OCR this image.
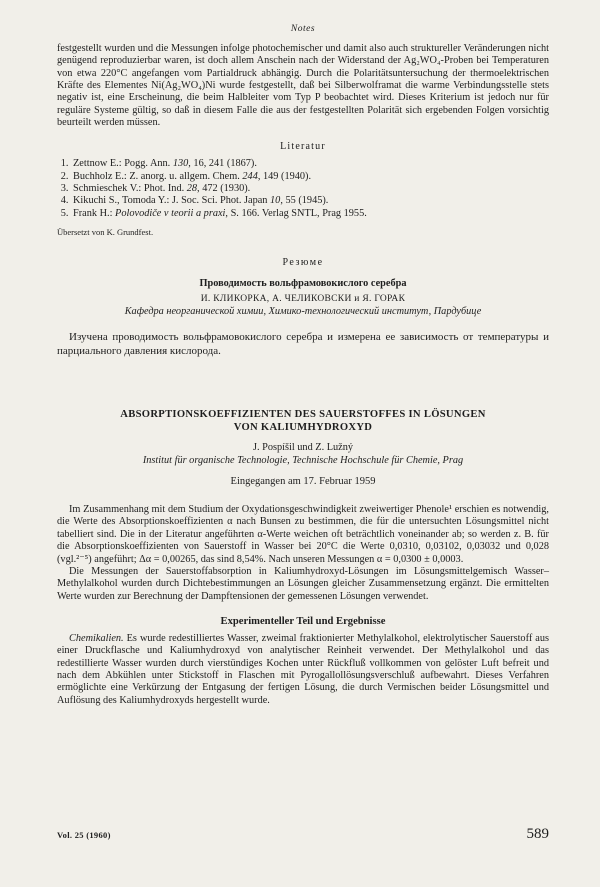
Notes

festgestellt wurden und die Messungen infolge photochemischer und damit also auch struktureller Veränderungen nicht genügend reproduzierbar waren, ist doch allem Anschein nach der Widerstand der Ag₂WO₄-Proben bei Temperaturen von etwa 220°C angefangen vom Partialdruck abhängig. Durch die Polaritätsuntersuchung der thermoelektrischen Kräfte des Elementes Ni(Ag₂WO₄)Ni wurde festgestellt, daß bei Silberwolframat die warme Verbindungsstelle stets negativ ist, eine Erscheinung, die beim Halbleiter vom Typ P beobachtet wird. Dieses Kriterium ist jedoch nur für reguläre Systeme gültig, so daß in diesem Falle die aus der festgestellten Polarität sich ergebenden Folgen vorsichtig beurteilt werden müssen.

Literatur
1. Zettnow E.: Pogg. Ann. 130, 16, 241 (1867).
2. Buchholz E.: Z. anorg. u. allgem. Chem. 244, 149 (1940).
3. Schmieschek V.: Phot. Ind. 28, 472 (1930).
4. Kikuchi S., Tomoda Y.: J. Soc. Sci. Phot. Japan 10, 55 (1945).
5. Frank H.: Polovodiče v teorii a praxi, S. 166. Verlag SNTL, Prag 1955.
Übersetzt von K. Grundfest.
Резюме
Проводимость вольфрамовокислого серебра
И. КЛИКОРКА, А. ЧЕЛИКОВСКИ и Я. ГОРАК
Кафедра неорганической химии, Химико-технологический институт, Пардубице

Изучена проводимость вольфрамовокислого серебра и измерена ее зависимость от температуры и парциального давления кислорода.

ABSORPTIONSKOEFFIZIENTEN DES SAUERSTOFFES IN LÖSUNGEN
VON KALIUMHYDROXYD
J. Pospíšil und Z. Lužný
Institut für organische Technologie, Technische Hochschule für Chemie, Prag
Eingegangen am 17. Februar 1959

Im Zusammenhang mit dem Studium der Oxydationsgeschwindigkeit zweiwertiger Phenole¹ erschien es notwendig, die Werte des Absorptionskoeffizienten α nach Bunsen zu bestimmen, die für die untersuchten Lösungsmittel nicht tabelliert sind. Die in der Literatur angeführten α-Werte weichen oft beträchtlich voneinander ab; so werden z. B. für die Absorptionskoeffizienten von Sauerstoff in Wasser bei 20°C die Werte 0,0310, 0,03102, 0,03032 und 0,028 (vgl.²⁻⁵) angeführt; Δα = 0,00265, das sind 8,54%. Nach unseren Messungen α = 0,0300 ± 0,0003.

Die Messungen der Sauerstoffabsorption in Kaliumhydroxyd-Lösungen im Lösungsmittelgemisch Wasser–Methylalkohol wurden durch Dichtebestimmungen an Lösungen gleicher Zusammensetzung ergänzt. Die ermittelten Werte wurden zur Berechnung der Dampftensionen der gemessenen Lösungen verwendet.

Experimenteller Teil und Ergebnisse

Chemikalien. Es wurde redestilliertes Wasser, zweimal fraktionierter Methylalkohol, elektrolytischer Sauerstoff aus einer Druckflasche und Kaliumhydroxyd von analytischer Reinheit verwendet. Der Methylalkohol und das redestillierte Wasser wurden durch vierstündiges Kochen unter Rückfluß vollkommen von gelöster Luft befreit und nach dem Abkühlen unter Stickstoff in Flaschen mit Pyrogallollösungsverschluß aufbewahrt. Dieses Verfahren ermöglichte eine Verkürzung der Entgasung der fertigen Lösung, die durch Vermischen beider Lösungsmittel und Auflösung des Kaliumhydroxyds hergestellt wurde.

Vol. 25 (1960)	589
